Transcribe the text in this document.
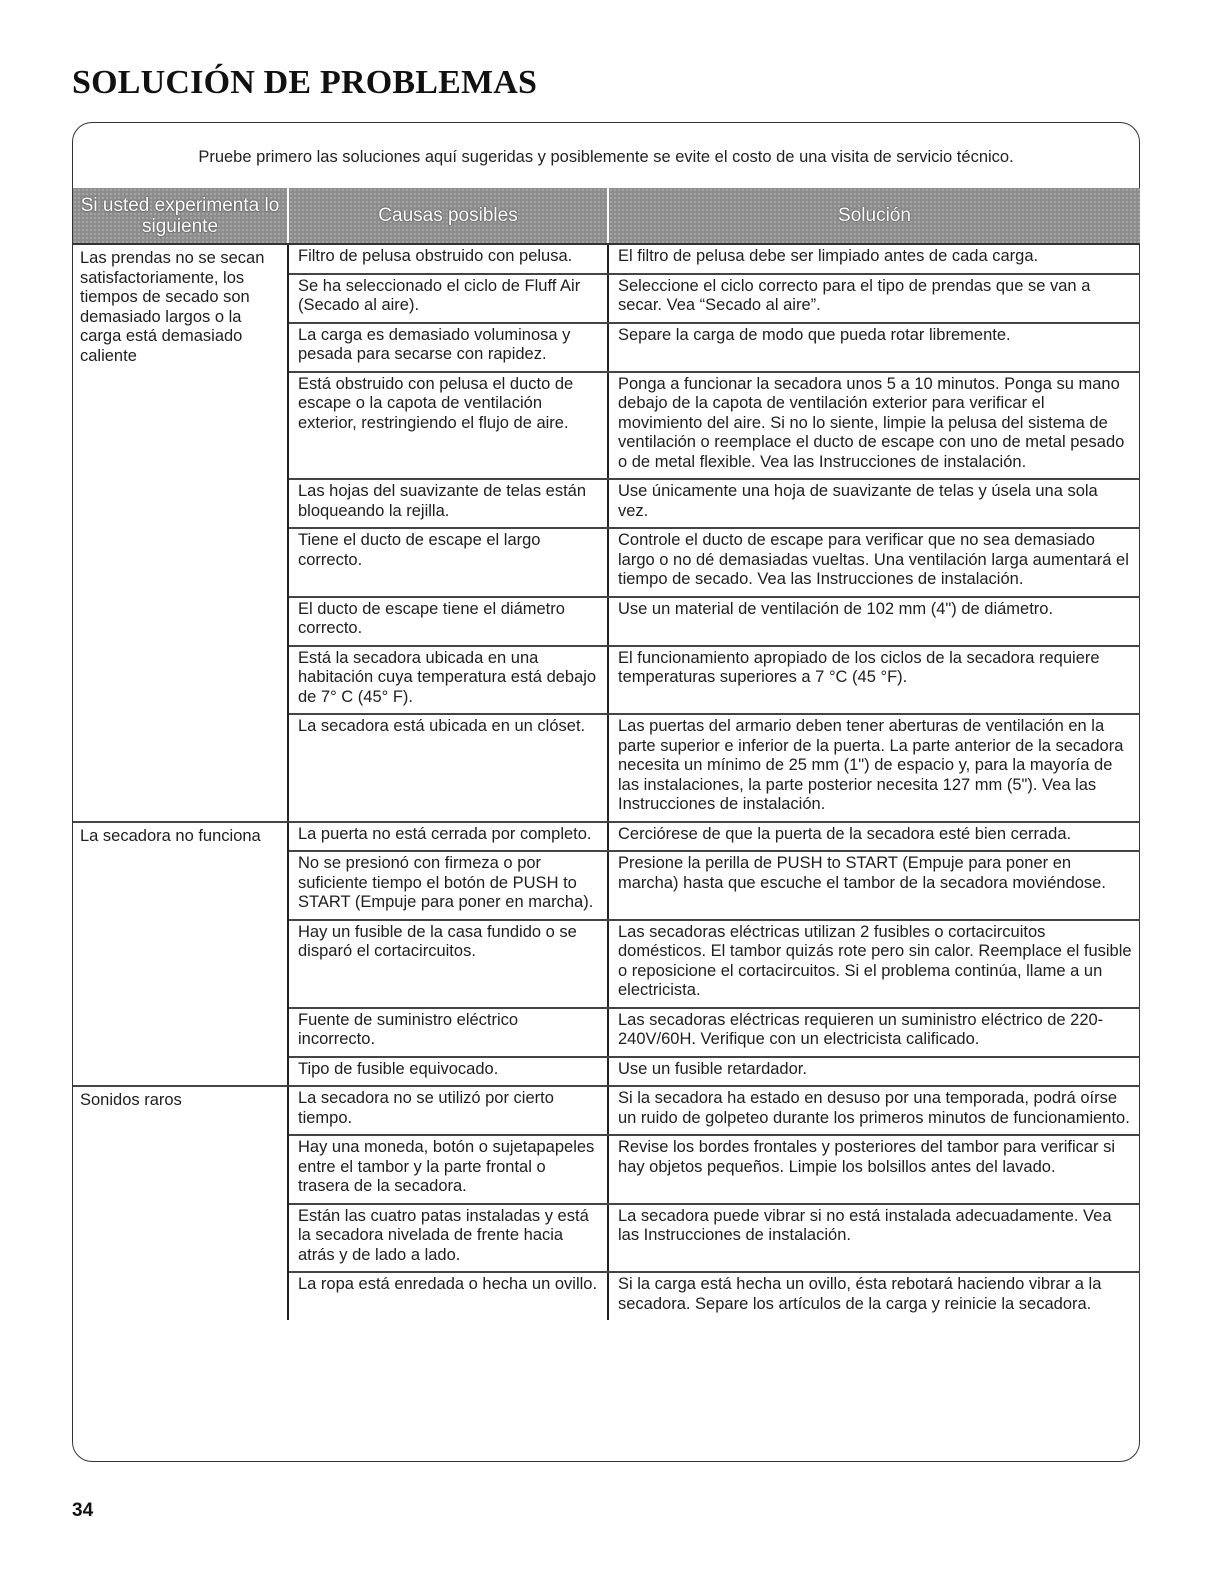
SOLUCIÓN DE PROBLEMAS

Pruebe primero las soluciones aquí sugeridas y posiblemente se evite el costo de una visita de servicio técnico.

Si usted experimenta lo siguiente	Causas posibles	Solución
Las prendas no se secan satisfactoriamente, los tiempos de secado son demasiado largos o la carga está demasiado caliente	Filtro de pelusa obstruido con pelusa.	El filtro de pelusa debe ser limpiado antes de cada carga.
	Se ha seleccionado el ciclo de Fluff Air (Secado al aire).	Seleccione el ciclo correcto para el tipo de prendas que se van a secar. Vea “Secado al aire”.
	La carga es demasiado voluminosa y pesada para secarse con rapidez.	Separe la carga de modo que pueda rotar libremente.
	Está obstruido con pelusa el ducto de escape o la capota de ventilación exterior, restringiendo el flujo de aire.	Ponga a funcionar la secadora unos 5 a 10 minutos. Ponga su mano debajo de la capota de ventilación exterior para verificar el movimiento del aire. Si no lo siente, limpie la pelusa del sistema de ventilación o reemplace el ducto de escape con uno de metal pesado o de metal flexible. Vea las Instrucciones de instalación.
	Las hojas del suavizante de telas están bloqueando la rejilla.	Use únicamente una hoja de suavizante de telas y úsela una sola vez.
	Tiene el ducto de escape el largo correcto.	Controle el ducto de escape para verificar que no sea demasiado largo o no dé demasiadas vueltas. Una ventilación larga aumentará el tiempo de secado. Vea las Instrucciones de instalación.
	El ducto de escape tiene el diámetro correcto.	Use un material de ventilación de 102 mm (4") de diámetro.
	Está la secadora ubicada en una habitación cuya temperatura está debajo de 7° C (45° F).	El funcionamiento apropiado de los ciclos de la secadora requiere temperaturas superiores a 7 °C (45 °F).
	La secadora está ubicada en un clóset.	Las puertas del armario deben tener aberturas de ventilación en la parte superior e inferior de la puerta. La parte anterior de la secadora necesita un mínimo de 25 mm (1") de espacio y, para la mayoría de las instalaciones, la parte posterior necesita 127 mm (5"). Vea las Instrucciones de instalación.
La secadora no funciona	La puerta no está cerrada por completo.	Cerciórese de que la puerta de la secadora esté bien cerrada.
	No se presionó con firmeza o por suficiente tiempo el botón de PUSH to START (Empuje para poner en marcha).	Presione la perilla de PUSH to START (Empuje para poner en marcha) hasta que escuche el tambor de la secadora moviéndose.
	Hay un fusible de la casa fundido o se disparó el cortacircuitos.	Las secadoras eléctricas utilizan 2 fusibles o cortacircuitos domésticos. El tambor quizás rote pero sin calor. Reemplace el fusible o reposicione el cortacircuitos. Si el problema continúa, llame a un electricista.
	Fuente de suministro eléctrico incorrecto.	Las secadoras eléctricas requieren un suministro eléctrico de 220-240V/60H. Verifique con un electricista calificado.
	Tipo de fusible equivocado.	Use un fusible retardador.
Sonidos raros	La secadora no se utilizó por cierto tiempo.	Si la secadora ha estado en desuso por una temporada, podrá oírse un ruido de golpeteo durante los primeros minutos de funcionamiento.
	Hay una moneda, botón o sujetapapeles entre el tambor y la parte frontal o trasera de la secadora.	Revise los bordes frontales y posteriores del tambor para verificar si hay objetos pequeños. Limpie los bolsillos antes del lavado.
	Están las cuatro patas instaladas y está la secadora nivelada de frente hacia atrás y de lado a lado.	La secadora puede vibrar si no está instalada adecuadamente. Vea las Instrucciones de instalación.
	La ropa está enredada o hecha un ovillo.	Si la carga está hecha un ovillo, ésta rebotará haciendo vibrar a la secadora. Separe los artículos de la carga y reinicie la secadora.
34
